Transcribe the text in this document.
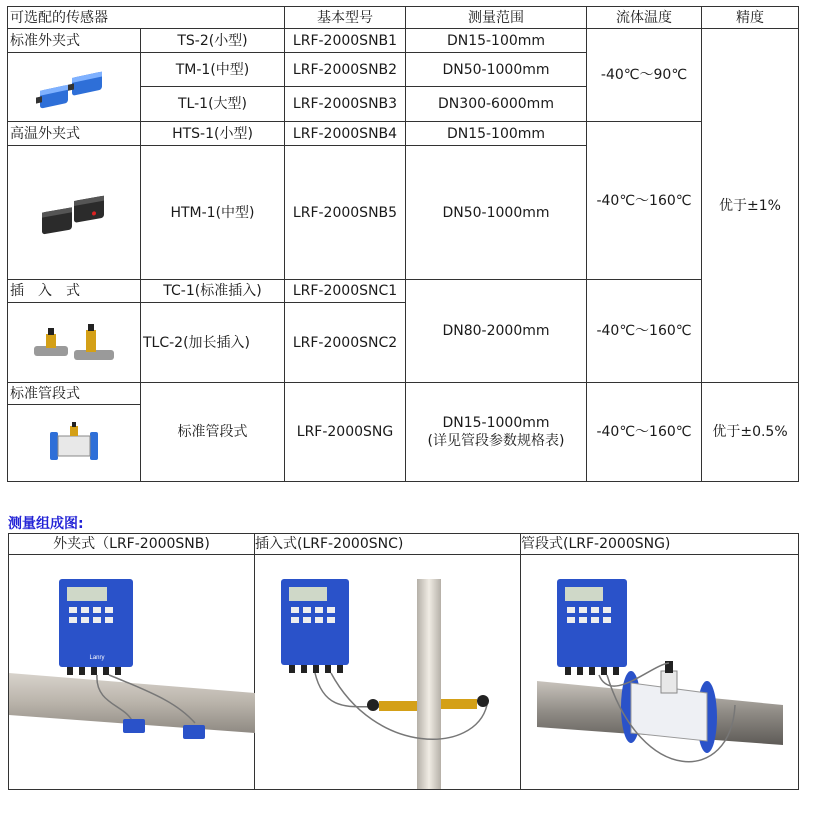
可选配的传感器		基本型号	测量范围	流体温度	精度
标准外夹式	TS-2(小型)	LRF-2000SNB1	DN15-100mm	-40℃～90℃	优于±1%

	TM-1(中型)	LRF-2000SNB2	DN50-1000mm		
	TL-1(大型)	LRF-2000SNB3	DN300-6000mm		
高温外夹式	HTS-1(小型)	LRF-2000SNB4	DN15-100mm	-40℃～160℃	

	HTM-1(中型)	LRF-2000SNB5	DN50-1000mm		
插　入　式	TC-1(标准插入)	LRF-2000SNC1	DN80-2000mm	-40℃～160℃	

	TLC-2(加长插入)	LRF-2000SNC2			
标准管段式	标准管段式	LRF-2000SNG	DN15-1000mm
(详见管段参数规格表)	-40℃～160℃	优于±0.5%

测量组成图:
外夹式（LRF-2000SNB)	插入式(LRF-2000SNC)	管段式(LRF-2000SNG)

Lanry
